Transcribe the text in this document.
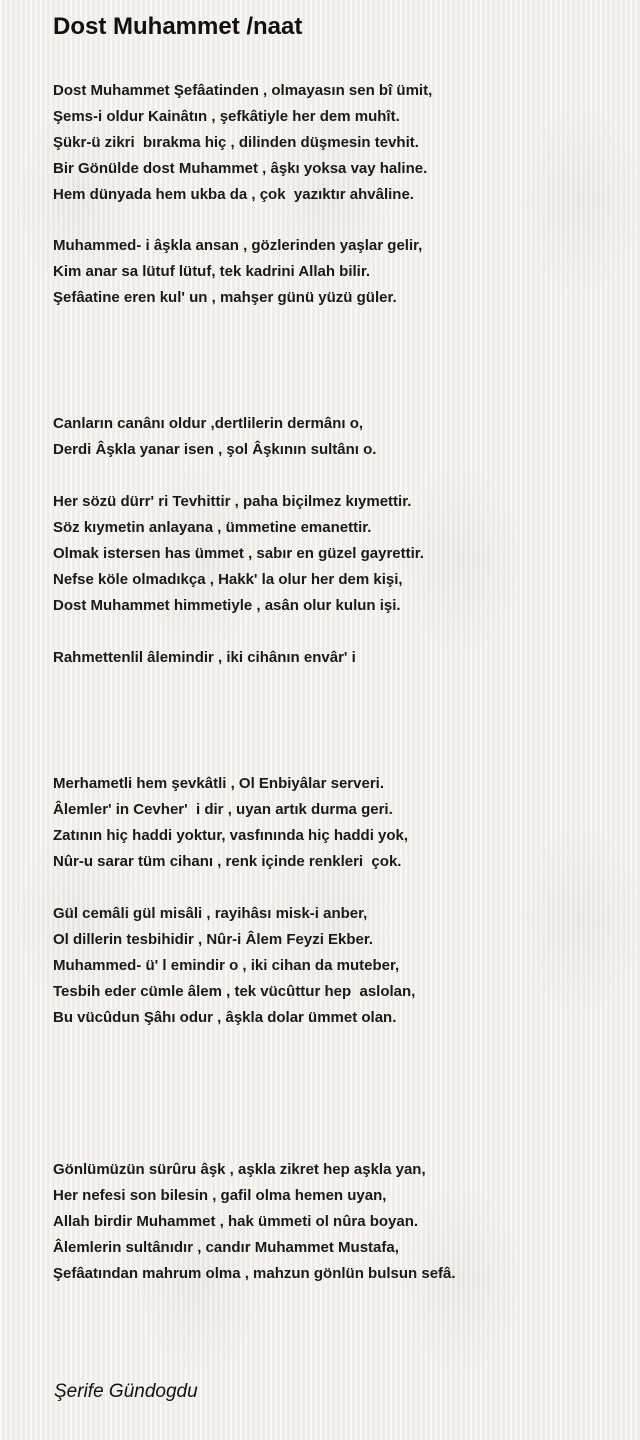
Dost Muhammet /naat

Dost Muhammet Şefâatinden , olmayasın sen bî ümit,

Şems-i oldur Kainâtın , şefkâtiyle her dem muhît.

Şükr-ü zikri  bırakma hiç , dilinden düşmesin tevhit.

Bir Gönülde dost Muhammet , âşkı yoksa vay haline.

Hem dünyada hem ukba da , çok  yazıktır ahvâline.

Muhammed- i âşkla ansan , gözlerinden yaşlar gelir,

Kim anar sa lütuf lütuf, tek kadrini Allah bilir.

Şefâatine eren kul' un , mahşer günü yüzü güler.

Canların canânı oldur ,dertlilerin dermânı o,

Derdi Âşkla yanar isen , şol Âşkının sultânı o.

Her sözü dürr' ri Tevhittir , paha biçilmez kıymettir.

Söz kıymetin anlayana , ümmetine emanettir.

Olmak istersen has ümmet , sabır en güzel gayrettir.

Nefse köle olmadıkça , Hakk' la olur her dem kişi,

Dost Muhammet himmetiyle , asân olur kulun işi.

Rahmettenlil âlemindir , iki cihânın envâr' i

Merhametli hem şevkâtli , Ol Enbiyâlar serveri.

Âlemler' in Cevher'  i dir , uyan artık durma geri.

Zatının hiç haddi yoktur, vasfınında hiç haddi yok,

Nûr-u sarar tüm cihanı , renk içinde renkleri  çok.

Gül cemâli gül misâli , rayihâsı misk-i anber,

Ol dillerin tesbihidir , Nûr-i Âlem Feyzi Ekber.

Muhammed- ü' l emindir o , iki cihan da muteber,

Tesbih eder cümle âlem , tek vücûttur hep  aslolan,

Bu vücûdun Şâhı odur , âşkla dolar ümmet olan.

Gönlümüzün sürûru âşk , aşkla zikret hep aşkla yan,

Her nefesi son bilesin , gafil olma hemen uyan,

Allah birdir Muhammet , hak ümmeti ol nûra boyan.

Âlemlerin sultânıdır , candır Muhammet Mustafa,

Şefâatından mahrum olma , mahzun gönlün bulsun sefâ.

Şerife Gündogdu
